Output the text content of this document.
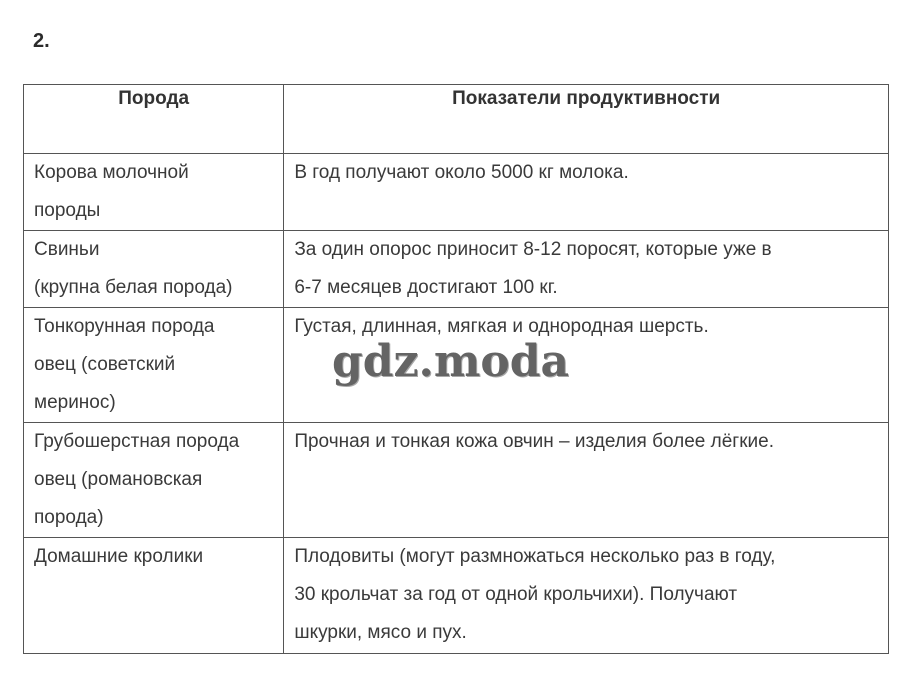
2.
Порода	Показатели продуктивности

Корова молочной
породы	В год получают около 5000 кг молока.

Свиньи
(крупна белая порода)	За один опорос приносит 8-12 поросят, которые уже в
6-7 месяцев достигают 100 кг.

Тонкорунная порода
овец (советский
меринос)	Густая, длинная, мягкая и однородная шерсть.

Грубошерстная порода
овец (романовская
порода)	Прочная и тонкая кожа овчин – изделия более лёгкие.

Домашние кролики	Плодовиты (могут размножаться несколько раз в году,
30 крольчат за год от одной крольчихи). Получают
шкурки, мясо и пух.
gdz.moda
